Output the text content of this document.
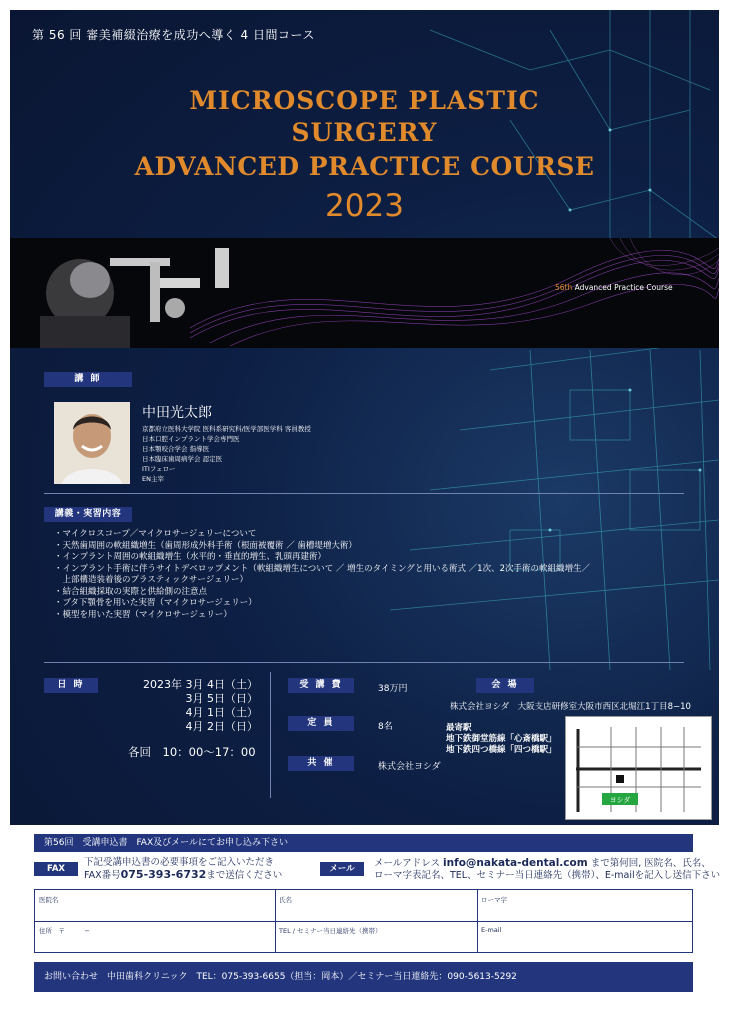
第 56 回 審美補綴治療を成功へ導く 4 日間コース
MICROSCOPE PLASTIC
SURGERY
ADVANCED PRACTICE COURSE
2023
56th Advanced Practice Course
講 師
中田光太郎
京都府立医科大学院 医科系研究科/医学部医学科 客員教授
日本口腔インプラント学会専門医
日本顎咬合学会 指導医
日本臨床歯周病学会 認定医
ITIフェロー
EN主宰
講義・実習内容
・マイクロスコープ／マイクロサージェリーについて
・天然歯周囲の軟組織増生（歯周形成外科手術（根面被覆術 ／ 歯槽堤増大術）
・インプラント周囲の軟組織増生（水平的・垂直的増生、乳頭再建術）
・インプラント手術に伴うサイトデベロップメント（軟組織増生について ／ 増生のタイミングと用いる術式 ／1次、2次手術の軟組織増生／
　上部構造装着後のプラスティックサージェリー）
・結合組織採取の実際と供給側の注意点
・ブタ下顎骨を用いた実習（マイクロサージェリー）
・模型を用いた実習（マイクロサージェリー）
日 時	2023年 3月 4日（土）
3月 5日（日）
4月 1日（土）
4月 2日（日）
各回　10：00〜17：00
受 講 費	38万円
定 員	8名
共 催	株式会社ヨシダ
会 場
株式会社ヨシダ　大阪支店研修室大阪市西区北堀江1丁目8−10
最寄駅
地下鉄御堂筋線「心斎橋駅」
地下鉄四つ橋線「四つ橋駅」
ヨシダ
第56回　受講申込書　FAX及びメールにてお申し込み下さい
FAX
下記受講申込書の必要事項をご記入いただき
FAX番号075-393-6732まで送信ください
メール	メールアドレス info@nakata-dental.com まで第何回, 医院名、氏名、
ローマ字表記名、TEL、セミナー当日連絡先（携帯）、E-mailを記入し送信下さい
医院名	氏名	ローマ字
住所　〒　　　−	TEL / セミナー当日連絡先（携帯）	E-mail
お問い合わせ　中田歯科クリニック　TEL：075-393-6655（担当：岡本）／セミナー当日連絡先：090-5613-5292
